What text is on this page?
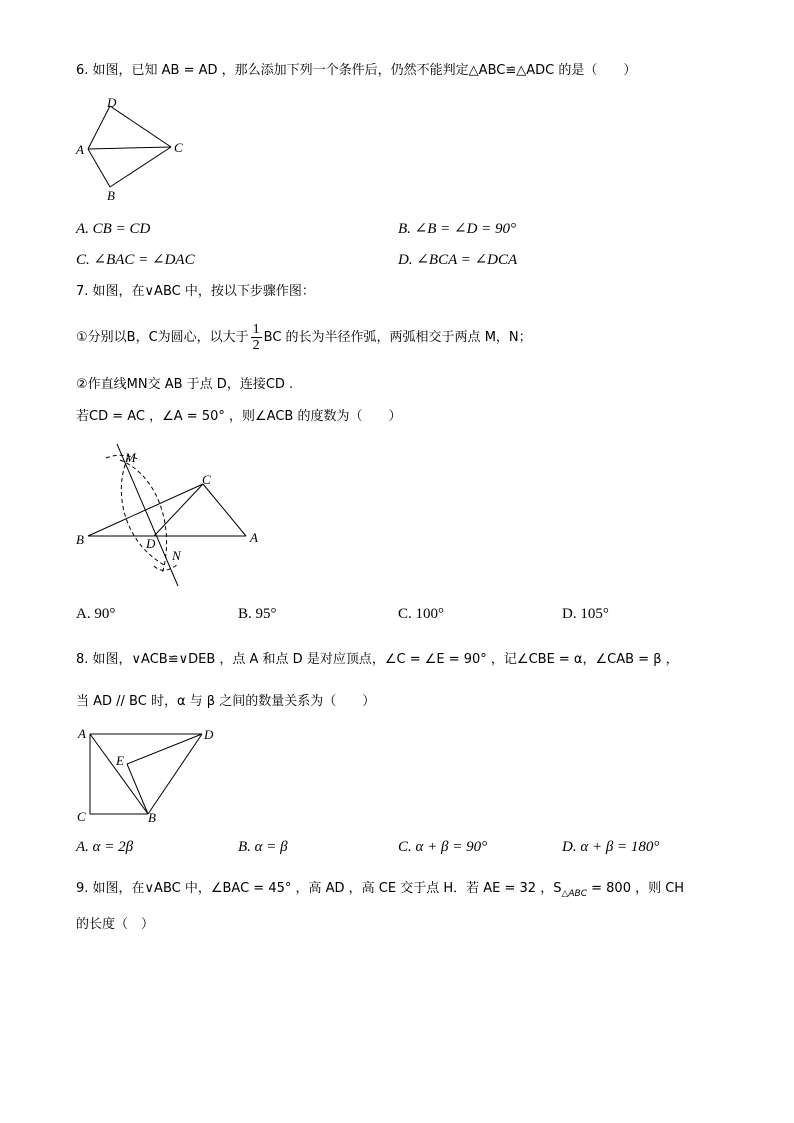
6. 如图，已知 AB = AD ，那么添加下列一个条件后，仍然不能判定△ABC≌△ADC 的是（　　）
D
A	C
B
A. CB = CD	B. ∠B = ∠D = 90°
C. ∠BAC = ∠DAC	D. ∠BCA = ∠DCA
7. 如图，在∨ABC 中，按以下步骤作图：
①分别以B，C为圆心，以大于 $\frac{1}{2}$ BC 的长为半径作弧，两弧相交于两点 M，N；
②作直线MN交 AB 于点 D，连接CD .
若CD = AC ，∠A = 50° ，则∠ACB 的度数为（　　）
M
C
B	D	A
N
A. 90°	B. 95°	C. 100°	D. 105°
8. 如图，∨ACB≌∨DEB ，点 A 和点 D 是对应顶点，∠C = ∠E = 90° ，记∠CBE = α，∠CAB = β ，
当 AD // BC 时，α 与 β 之间的数量关系为（　　）
A	D
E
C	B
A. α = 2β	B. α = β	C. α + β = 90°	D. α + β = 180°
9. 如图，在∨ABC 中，∠BAC = 45° ，高 AD ，高 CE 交于点 H．若 AE = 32 ，$S_{\triangle ABC} = 800$ ，则 CH
的长度（　）
